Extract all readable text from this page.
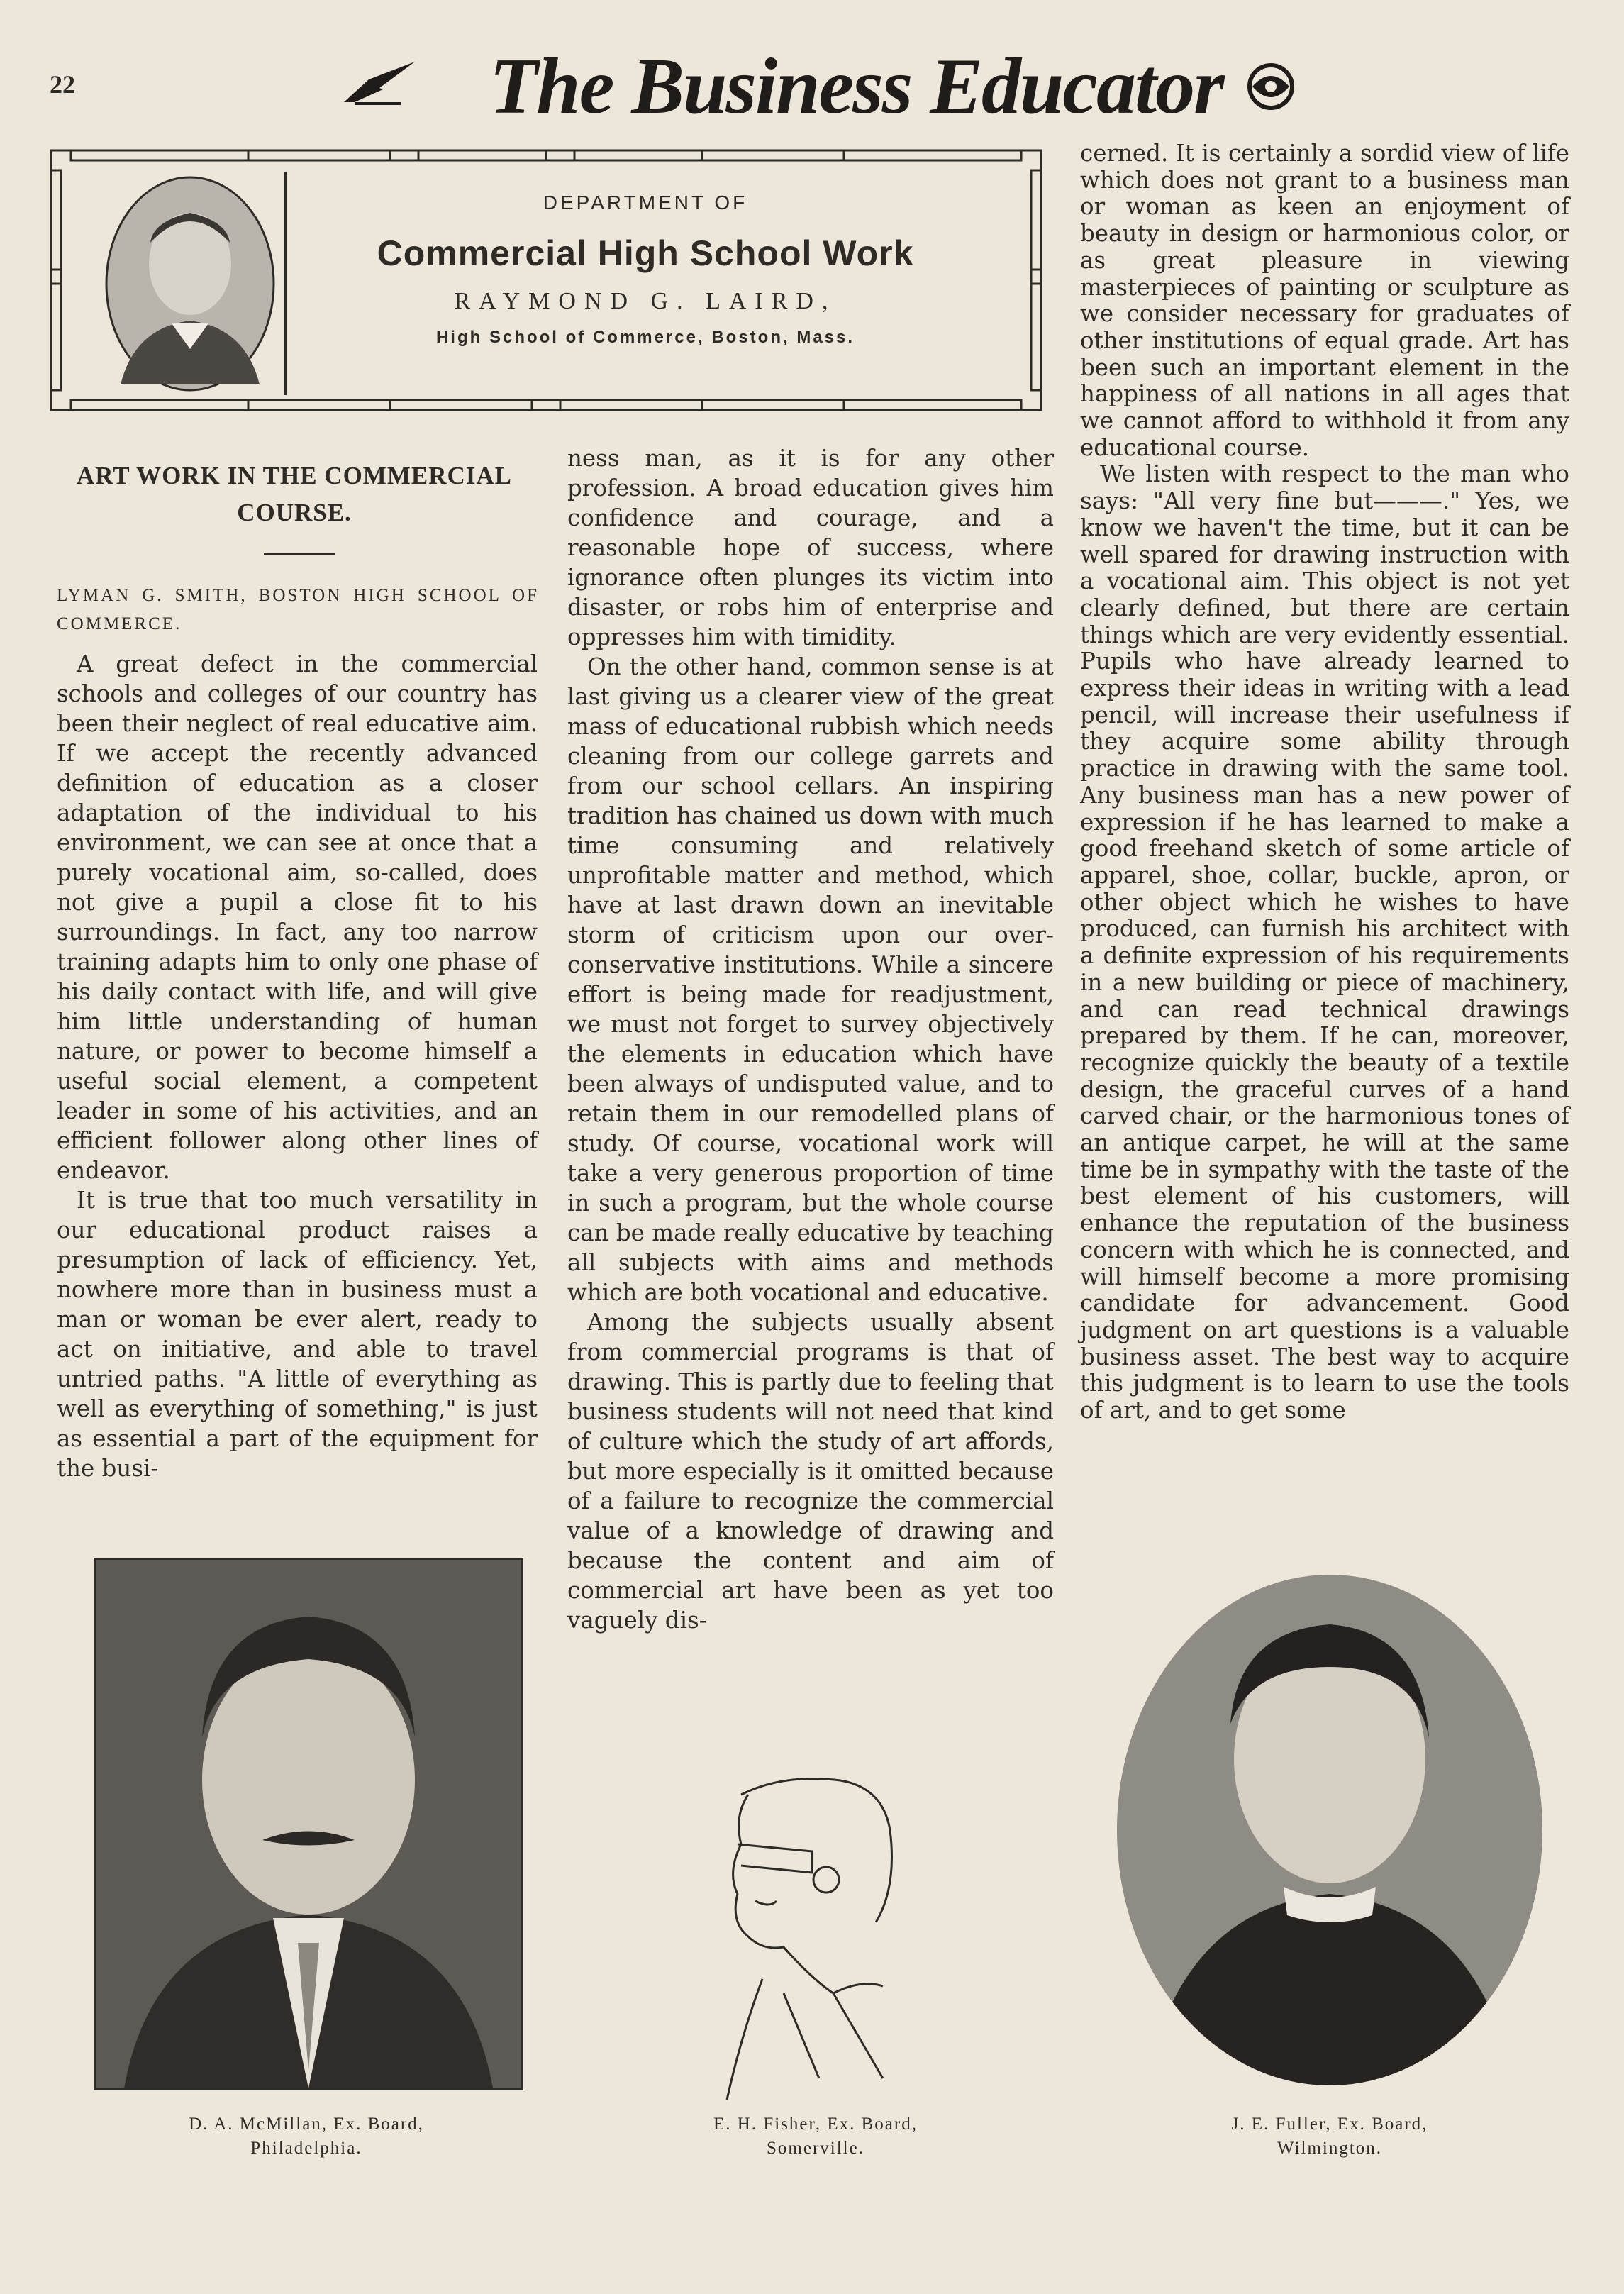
22	The Business Educator
DEPARTMENT OF
Commercial High School Work
RAYMOND G. LAIRD,
High School of Commerce, Boston, Mass.
ART WORK IN THE COMMERCIAL COURSE.
LYMAN G. SMITH, BOSTON HIGH SCHOOL OF COMMERCE.

A great defect in the commercial schools and colleges of our country has been their neglect of real educative aim. If we accept the recently advanced definition of education as a closer adaptation of the individual to his environment, we can see at once that a purely vocational aim, so-called, does not give a pupil a close fit to his surroundings. In fact, any too narrow training adapts him to only one phase of his daily contact with life, and will give him little understanding of human nature, or power to become himself a useful social element, a competent leader in some of his activities, and an efficient follower along other lines of endeavor.

It is true that too much versatility in our educational product raises a presumption of lack of efficiency. Yet, nowhere more than in business must a man or woman be ever alert, ready to act on initiative, and able to travel untried paths. "A little of everything as well as everything of something," is just as essential a part of the equipment for the busi-

ness man, as it is for any other profession. A broad education gives him confidence and courage, and a reasonable hope of success, where ignorance often plunges its victim into disaster, or robs him of enterprise and oppresses him with timidity.

On the other hand, common sense is at last giving us a clearer view of the great mass of educational rubbish which needs cleaning from our college garrets and from our school cellars. An inspiring tradition has chained us down with much time consuming and relatively unprofitable matter and method, which have at last drawn down an inevitable storm of criticism upon our over-conservative institutions. While a sincere effort is being made for readjustment, we must not forget to survey objectively the elements in education which have been always of undisputed value, and to retain them in our remodelled plans of study. Of course, vocational work will take a very generous proportion of time in such a program, but the whole course can be made really educative by teaching all subjects with aims and methods which are both vocational and educative.

Among the subjects usually absent from commercial programs is that of drawing. This is partly due to feeling that business students will not need that kind of culture which the study of art affords, but more especially is it omitted because of a failure to recognize the commercial value of a knowledge of drawing and because the content and aim of commercial art have been as yet too vaguely dis-

cerned. It is certainly a sordid view of life which does not grant to a business man or woman as keen an enjoyment of beauty in design or harmonious color, or as great pleasure in viewing masterpieces of painting or sculpture as we consider necessary for graduates of other institutions of equal grade. Art has been such an important element in the happiness of all nations in all ages that we cannot afford to withhold it from any educational course.

We listen with respect to the man who says: "All very fine but———." Yes, we know we haven't the time, but it can be well spared for drawing instruction with a vocational aim. This object is not yet clearly defined, but there are certain things which are very evidently essential. Pupils who have already learned to express their ideas in writing with a lead pencil, will increase their usefulness if they acquire some ability through practice in drawing with the same tool. Any business man has a new power of expression if he has learned to make a good freehand sketch of some article of apparel, shoe, collar, buckle, apron, or other object which he wishes to have produced, can furnish his architect with a definite expression of his requirements in a new building or piece of machinery, and can read technical drawings prepared by them. If he can, moreover, recognize quickly the beauty of a textile design, the graceful curves of a hand carved chair, or the harmonious tones of an antique carpet, he will at the same time be in sympathy with the taste of the best element of his customers, will enhance the reputation of the business concern with which he is connected, and will himself become a more promising candidate for advancement. Good judgment on art questions is a valuable business asset. The best way to acquire this judgment is to learn to use the tools of art, and to get some

D. A. McMillan, Ex. Board,
Philadelphia.
E. H. Fisher, Ex. Board,
Somerville.
J. E. Fuller, Ex. Board,
Wilmington.
